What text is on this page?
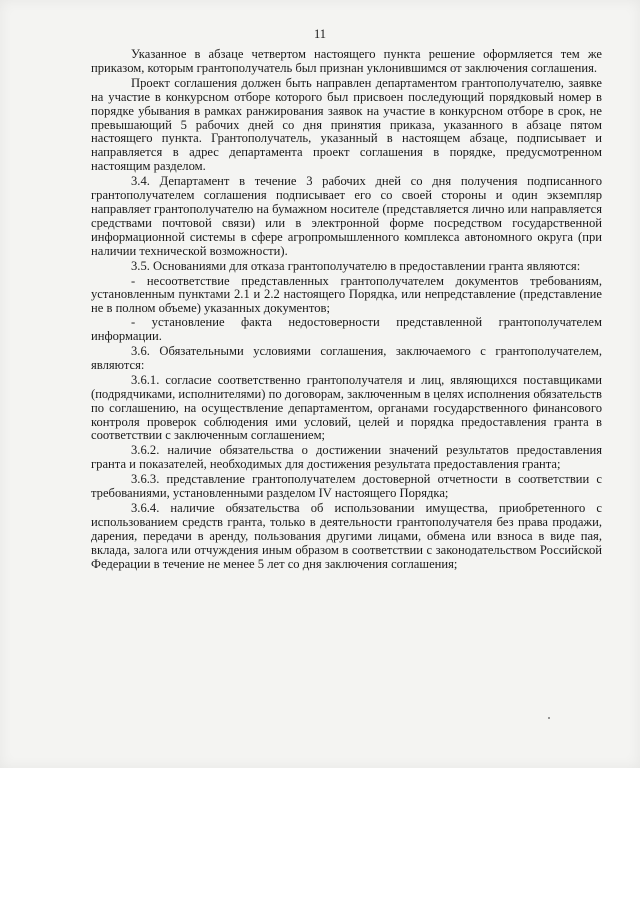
11

Указанное в абзаце четвертом настоящего пункта решение оформляется тем же приказом, которым грантополучатель был признан уклонившимся от заключения соглашения.

Проект соглашения должен быть направлен департаментом грантополучателю, заявке на участие в конкурсном отборе которого был присвоен последующий порядковый номер в порядке убывания в рамках ранжирования заявок на участие в конкурсном отборе в срок, не превышающий 5 рабочих дней со дня принятия приказа, указанного в абзаце пятом настоящего пункта. Грантополучатель, указанный в настоящем абзаце, подписывает и направляется в адрес департамента проект соглашения в порядке, предусмотренном настоящим разделом.

3.4. Департамент в течение 3 рабочих дней со дня получения подписанного грантополучателем соглашения подписывает его со своей стороны и один экземпляр направляет грантополучателю на бумажном носителе (представляется лично или направляется средствами почтовой связи) или в электронной форме посредством государственной информационной системы в сфере агропромышленного комплекса автономного округа (при наличии технической возможности).

3.5. Основаниями для отказа грантополучателю в предоставлении гранта являются:

- несоответствие представленных грантополучателем документов требованиям, установленным пунктами 2.1 и 2.2 настоящего Порядка, или непредставление (представление не в полном объеме) указанных документов;

- установление факта недостоверности представленной грантополучателем информации.

3.6. Обязательными условиями соглашения, заключаемого с грантополучателем, являются:

3.6.1. согласие соответственно грантополучателя и лиц, являющихся поставщиками (подрядчиками, исполнителями) по договорам, заключенным в целях исполнения обязательств по соглашению, на осуществление департаментом, органами государственного финансового контроля проверок соблюдения ими условий, целей и порядка предоставления гранта в соответствии с заключенным соглашением;

3.6.2. наличие обязательства о достижении значений результатов предоставления гранта и показателей, необходимых для достижения результата предоставления гранта;

3.6.3. представление грантополучателем достоверной отчетности в соответствии с требованиями, установленными разделом IV настоящего Порядка;

3.6.4. наличие обязательства об использовании имущества, приобретенного с использованием средств гранта, только в деятельности грантополучателя без права продажи, дарения, передачи в аренду, пользования другими лицами, обмена или взноса в виде пая, вклада, залога или отчуждения иным образом в соответствии с законодательством Российской Федерации в течение не менее 5 лет со дня заключения соглашения;
